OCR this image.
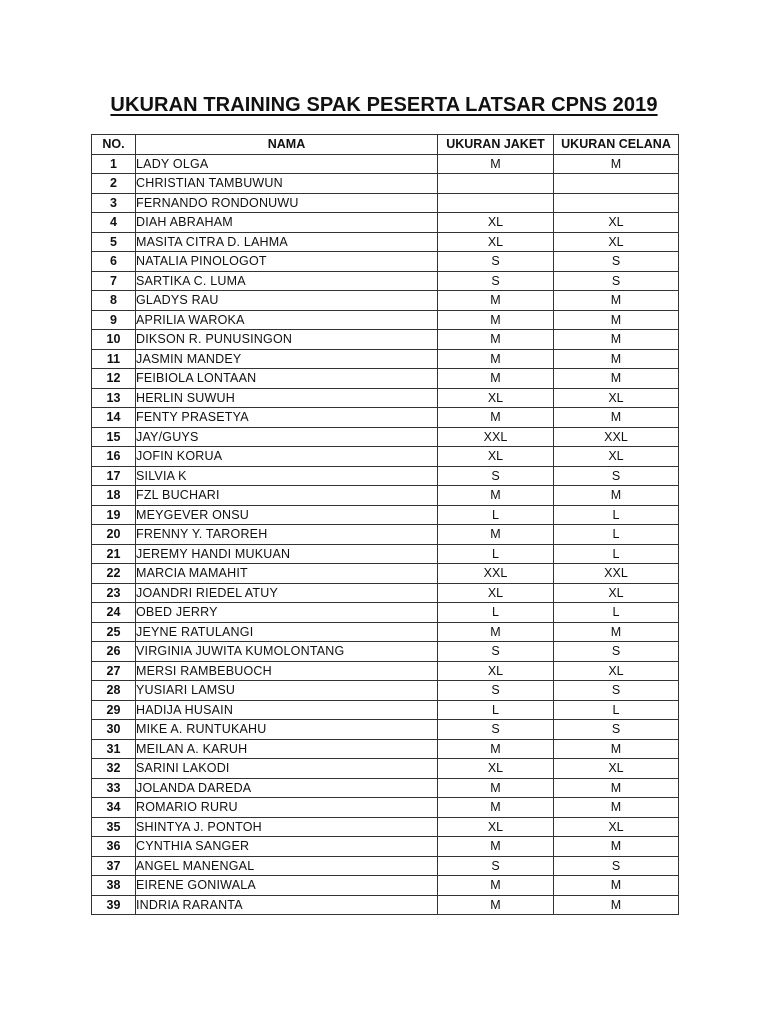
UKURAN TRAINING SPAK PESERTA LATSAR CPNS 2019
NO.	NAMA	UKURAN JAKET	UKURAN CELANA
1	LADY OLGA	M	M
2	CHRISTIAN TAMBUWUN		
3	FERNANDO RONDONUWU		
4	DIAH ABRAHAM	XL	XL
5	MASITA CITRA D. LAHMA	XL	XL
6	NATALIA PINOLOGOT	S	S
7	SARTIKA C. LUMA	S	S
8	GLADYS RAU	M	M
9	APRILIA WAROKA	M	M
10	DIKSON R. PUNUSINGON	M	M
11	JASMIN MANDEY	M	M
12	FEIBIOLA LONTAAN	M	M
13	HERLIN SUWUH	XL	XL
14	FENTY PRASETYA	M	M
15	JAY/GUYS	XXL	XXL
16	JOFIN KORUA	XL	XL
17	SILVIA K	S	S
18	FZL BUCHARI	M	M
19	MEYGEVER ONSU	L	L
20	FRENNY Y. TAROREH	M	L
21	JEREMY HANDI MUKUAN	L	L
22	MARCIA MAMAHIT	XXL	XXL
23	JOANDRI RIEDEL ATUY	XL	XL
24	OBED JERRY	L	L
25	JEYNE RATULANGI	M	M
26	VIRGINIA JUWITA KUMOLONTANG	S	S
27	MERSI RAMBEBUOCH	XL	XL
28	YUSIARI LAMSU	S	S
29	HADIJA HUSAIN	L	L
30	MIKE A. RUNTUKAHU	S	S
31	MEILAN A. KARUH	M	M
32	SARINI LAKODI	XL	XL
33	JOLANDA DAREDA	M	M
34	ROMARIO RURU	M	M
35	SHINTYA J. PONTOH	XL	XL
36	CYNTHIA SANGER	M	M
37	ANGEL MANENGAL	S	S
38	EIRENE GONIWALA	M	M
39	INDRIA RARANTA	M	M
